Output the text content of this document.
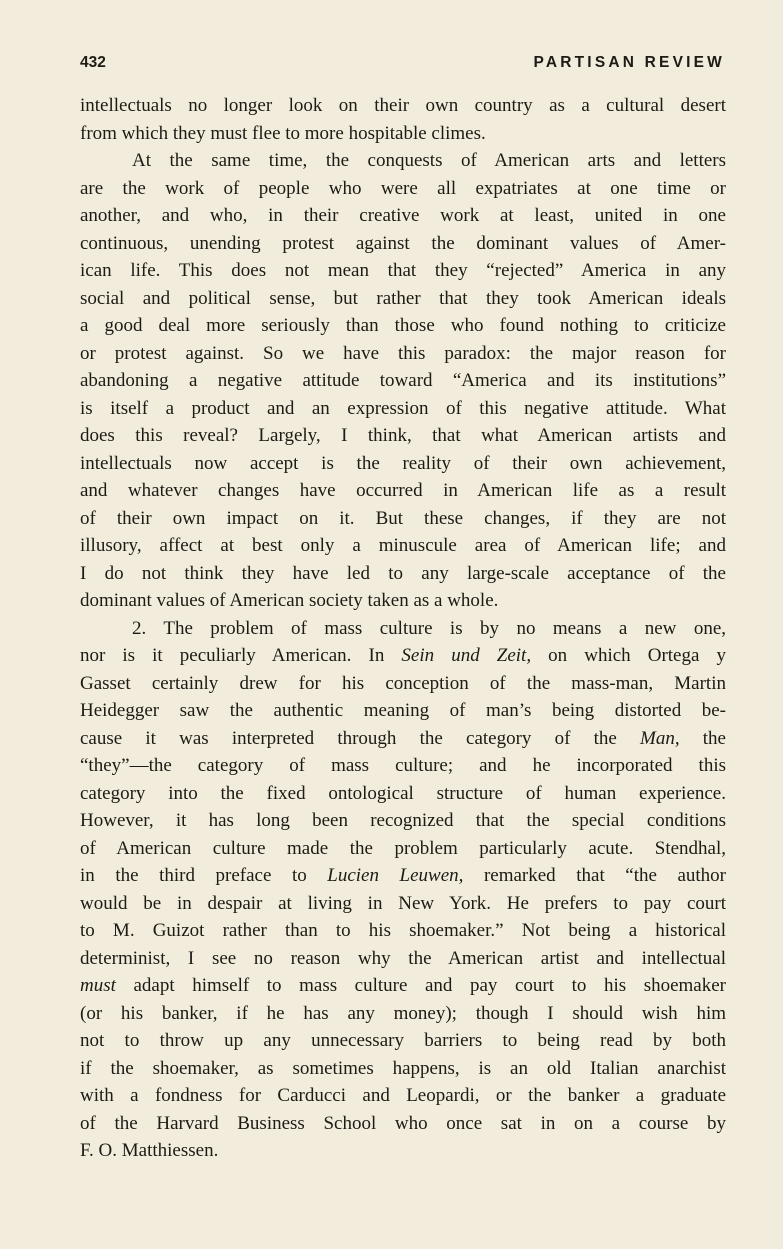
432	PARTISAN REVIEW
intellectuals no longer look on their own country as a cultural desert
from which they must flee to more hospitable climes.
At the same time, the conquests of American arts and letters
are the work of people who were all expatriates at one time or
another, and who, in their creative work at least, united in one
continuous, unending protest against the dominant values of Amer-
ican life. This does not mean that they “rejected” America in any
social and political sense, but rather that they took American ideals
a good deal more seriously than those who found nothing to criticize
or protest against. So we have this paradox: the major reason for
abandoning a negative attitude toward “America and its institutions”
is itself a product and an expression of this negative attitude. What
does this reveal? Largely, I think, that what American artists and
intellectuals now accept is the reality of their own achievement,
and whatever changes have occurred in American life as a result
of their own impact on it. But these changes, if they are not
illusory, affect at best only a minuscule area of American life; and
I do not think they have led to any large-scale acceptance of the
dominant values of American society taken as a whole.
2. The problem of mass culture is by no means a new one,
nor is it peculiarly American. In Sein und Zeit, on which Ortega y
Gasset certainly drew for his conception of the mass-man, Martin
Heidegger saw the authentic meaning of man’s being distorted be-
cause it was interpreted through the category of the Man, the
“they”—the category of mass culture; and he incorporated this
category into the fixed ontological structure of human experience.
However, it has long been recognized that the special conditions
of American culture made the problem particularly acute. Stendhal,
in the third preface to Lucien Leuwen, remarked that “the author
would be in despair at living in New York. He prefers to pay court
to M. Guizot rather than to his shoemaker.” Not being a historical
determinist, I see no reason why the American artist and intellectual
must adapt himself to mass culture and pay court to his shoemaker
(or his banker, if he has any money); though I should wish him
not to throw up any unnecessary barriers to being read by both
if the shoemaker, as sometimes happens, is an old Italian anarchist
with a fondness for Carducci and Leopardi, or the banker a graduate
of the Harvard Business School who once sat in on a course by
F. O. Matthiessen.
